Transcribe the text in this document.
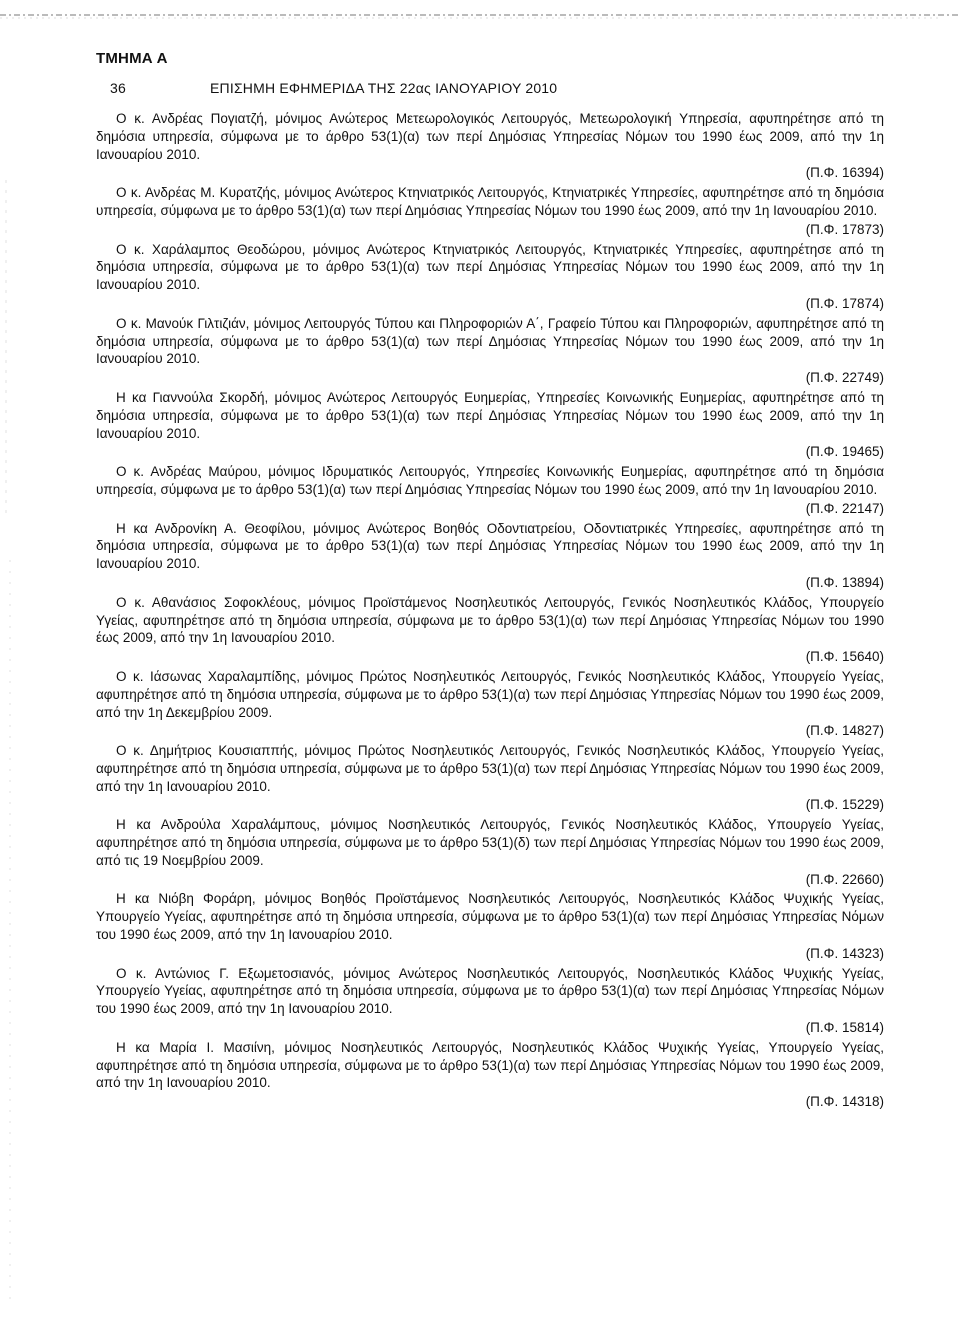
ΤΜΗΜΑ Α
36	ΕΠΙΣΗΜΗ ΕΦΗΜΕΡΙΔΑ ΤΗΣ 22ας ΙΑΝΟΥΑΡΙΟΥ 2010
Ο κ. Ανδρέας Πογιατζή, μόνιμος Ανώτερος Μετεωρολογικός Λειτουργός, Μετεωρολογική Υπηρεσία, αφυπηρέτησε από τη δημόσια υπηρεσία, σύμφωνα με το άρθρο 53(1)(α) των περί Δημόσιας Υπηρεσίας Νόμων του 1990 έως 2009, από την 1η Ιανουαρίου 2010.
(Π.Φ. 16394)
Ο κ. Ανδρέας Μ. Κυρατζής, μόνιμος Ανώτερος Κτηνιατρικός Λειτουργός, Κτηνιατρικές Υπηρεσίες, αφυπηρέτησε από τη δημόσια υπηρεσία, σύμφωνα με το άρθρο 53(1)(α) των περί Δημόσιας Υπηρεσίας Νόμων του 1990 έως 2009, από την 1η Ιανουαρίου 2010.
(Π.Φ. 17873)
Ο κ. Χαράλαμπος Θεοδώρου, μόνιμος Ανώτερος Κτηνιατρικός Λειτουργός, Κτηνιατρικές Υπηρεσίες, αφυπηρέτησε από τη δημόσια υπηρεσία, σύμφωνα με το άρθρο 53(1)(α) των περί Δημόσιας Υπηρεσίας Νόμων του 1990 έως 2009, από την 1η Ιανουαρίου 2010.
(Π.Φ. 17874)
Ο κ. Μανούκ Γιλτιζιάν, μόνιμος Λειτουργός Τύπου και Πληροφοριών Α΄, Γραφείο Τύπου και Πληροφοριών, αφυπηρέτησε από τη δημόσια υπηρεσία, σύμφωνα με το άρθρο 53(1)(α) των περί Δημόσιας Υπηρεσίας Νόμων του 1990 έως 2009, από την 1η Ιανουαρίου 2010.
(Π.Φ. 22749)
Η κα Γιαννούλα Σκορδή, μόνιμος Ανώτερος Λειτουργός Ευημερίας, Υπηρεσίες Κοινωνικής Ευημερίας, αφυπηρέτησε από τη δημόσια υπηρεσία, σύμφωνα με το άρθρο 53(1)(α) των περί Δημόσιας Υπηρεσίας Νόμων του 1990 έως 2009, από την 1η Ιανουαρίου 2010.
(Π.Φ. 19465)
Ο κ. Ανδρέας Μαύρου, μόνιμος Ιδρυματικός Λειτουργός, Υπηρεσίες Κοινωνικής Ευημερίας, αφυπηρέτησε από τη δημόσια υπηρεσία, σύμφωνα με το άρθρο 53(1)(α) των περί Δημόσιας Υπηρεσίας Νόμων του 1990 έως 2009, από την 1η Ιανουαρίου 2010.
(Π.Φ. 22147)
Η κα Ανδρονίκη Α. Θεοφίλου, μόνιμος Ανώτερος Βοηθός Οδοντιατρείου, Οδοντιατρικές Υπηρεσίες, αφυπηρέτησε από τη δημόσια υπηρεσία, σύμφωνα με το άρθρο 53(1)(α) των περί Δημόσιας Υπηρεσίας Νόμων του 1990 έως 2009, από την 1η Ιανουαρίου 2010.
(Π.Φ. 13894)
Ο κ. Αθανάσιος Σοφοκλέους, μόνιμος Προϊστάμενος Νοσηλευτικός Λειτουργός, Γενικός Νοσηλευτικός Κλάδος, Υπουργείο Υγείας, αφυπηρέτησε από τη δημόσια υπηρεσία, σύμφωνα με το άρθρο 53(1)(α) των περί Δημόσιας Υπηρεσίας Νόμων του 1990 έως 2009, από την 1η Ιανουαρίου 2010.
(Π.Φ. 15640)
Ο κ. Ιάσωνας Χαραλαμπίδης, μόνιμος Πρώτος Νοσηλευτικός Λειτουργός, Γενικός Νοσηλευτικός Κλάδος, Υπουργείο Υγείας, αφυπηρέτησε από τη δημόσια υπηρεσία, σύμφωνα με το άρθρο 53(1)(α) των περί Δημόσιας Υπηρεσίας Νόμων του 1990 έως 2009, από την 1η Δεκεμβρίου 2009.
(Π.Φ. 14827)
Ο κ. Δημήτριος Κουσιαππής, μόνιμος Πρώτος Νοσηλευτικός Λειτουργός, Γενικός Νοσηλευτικός Κλάδος, Υπουργείο Υγείας, αφυπηρέτησε από τη δημόσια υπηρεσία, σύμφωνα με το άρθρο 53(1)(α) των περί Δημόσιας Υπηρεσίας Νόμων του 1990 έως 2009, από την 1η Ιανουαρίου 2010.
(Π.Φ. 15229)
Η κα Ανδρούλα Χαραλάμπους, μόνιμος Νοσηλευτικός Λειτουργός, Γενικός Νοσηλευτικός Κλάδος, Υπουργείο Υγείας, αφυπηρέτησε από τη δημόσια υπηρεσία, σύμφωνα με το άρθρο 53(1)(δ) των περί Δημόσιας Υπηρεσίας Νόμων του 1990 έως 2009, από τις 19 Νοεμβρίου 2009.
(Π.Φ. 22660)
Η κα Νιόβη Φοράρη, μόνιμος Βοηθός Προϊστάμενος Νοσηλευτικός Λειτουργός, Νοσηλευτικός Κλάδος Ψυχικής Υγείας, Υπουργείο Υγείας, αφυπηρέτησε από τη δημόσια υπηρεσία, σύμφωνα με το άρθρο 53(1)(α) των περί Δημόσιας Υπηρεσίας Νόμων του 1990 έως 2009, από την 1η Ιανουαρίου 2010.
(Π.Φ. 14323)
Ο κ. Αντώνιος Γ. Εξωμετοσιανός, μόνιμος Ανώτερος Νοσηλευτικός Λειτουργός, Νοσηλευτικός Κλάδος Ψυχικής Υγείας, Υπουργείο Υγείας, αφυπηρέτησε από τη δημόσια υπηρεσία, σύμφωνα με το άρθρο 53(1)(α) των περί Δημόσιας Υπηρεσίας Νόμων του 1990 έως 2009, από την 1η Ιανουαρίου 2010.
(Π.Φ. 15814)
Η κα Μαρία Ι. Μασιίνη, μόνιμος Νοσηλευτικός Λειτουργός, Νοσηλευτικός Κλάδος Ψυχικής Υγείας, Υπουργείο Υγείας, αφυπηρέτησε από τη δημόσια υπηρεσία, σύμφωνα με το άρθρο 53(1)(α) των περί Δημόσιας Υπηρεσίας Νόμων του 1990 έως 2009, από την 1η Ιανουαρίου 2010.
(Π.Φ. 14318)
